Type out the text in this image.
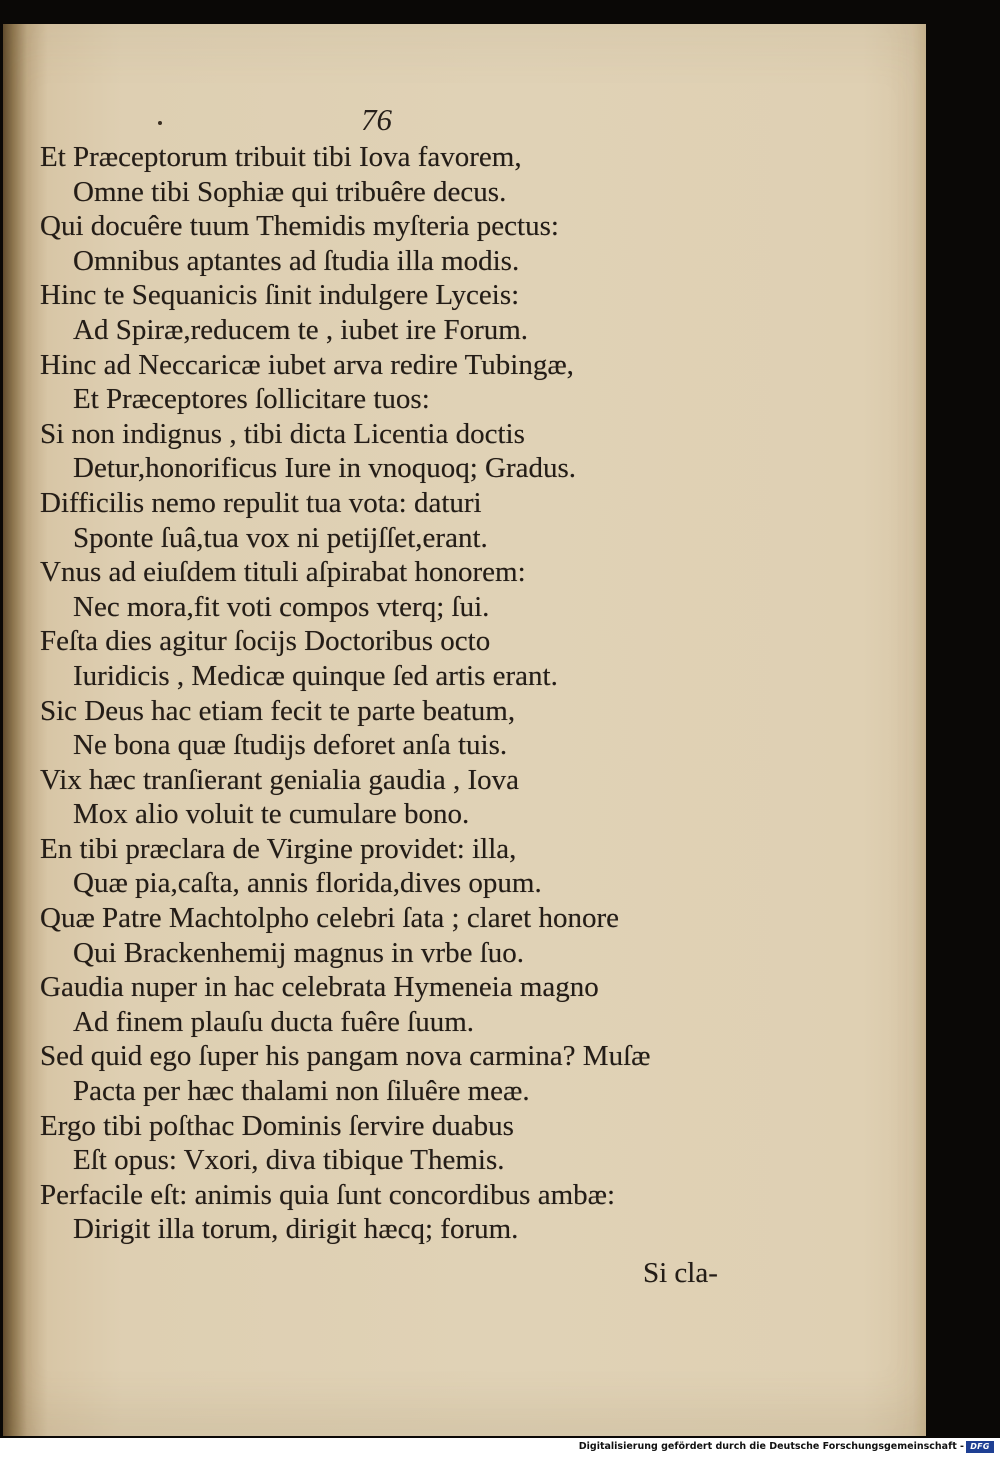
76
Et Præceptorum tribuit tibi Iova favorem,
Omne tibi Sophiæ qui tribuêre decus.
Qui docuêre tuum Themidis myſteria pectus:
Omnibus aptantes ad ſtudia illa modis.
Hinc te Sequanicis ſinit indulgere Lyceis:
Ad Spiræ,reducem te , iubet ire Forum.
Hinc ad Neccaricæ iubet arva redire Tubingæ,
Et Præceptores ſollicitare tuos:
Si non indignus , tibi dicta Licentia doctis
Detur,honorificus Iure in vnoquoq; Gradus.
Difficilis nemo repulit tua vota: daturi
Sponte ſuâ,tua vox ni petijſſet,erant.
Vnus ad eiuſdem tituli aſpirabat honorem:
Nec mora,fit voti compos vterq; ſui.
Feſta dies agitur ſocijs Doctoribus octo
Iuridicis , Medicæ quinque ſed artis erant.
Sic Deus hac etiam fecit te parte beatum,
Ne bona quæ ſtudijs deforet anſa tuis.
Vix hæc tranſierant genialia gaudia , Iova
Mox alio voluit te cumulare bono.
En tibi præclara de Virgine providet: illa,
Quæ pia,caſta, annis florida,dives opum.
Quæ Patre Machtolpho celebri ſata ; claret honore
Qui Brackenhemij magnus in vrbe ſuo.
Gaudia nuper in hac celebrata Hymeneia magno
Ad finem plauſu ducta fuêre ſuum.
Sed quid ego ſuper his pangam nova carmina? Muſæ
Pacta per hæc thalami non ſiluêre meæ.
Ergo tibi poſthac Dominis ſervire duabus
Eſt opus: Vxori, diva tibique Themis.
Perfacile eſt: animis quia ſunt concordibus ambæ:
Dirigit illa torum, dirigit hæcq; forum.
Si cla-
Digitalisierung gefördert durch die Deutsche Forschungsgemeinschaft - DFG
